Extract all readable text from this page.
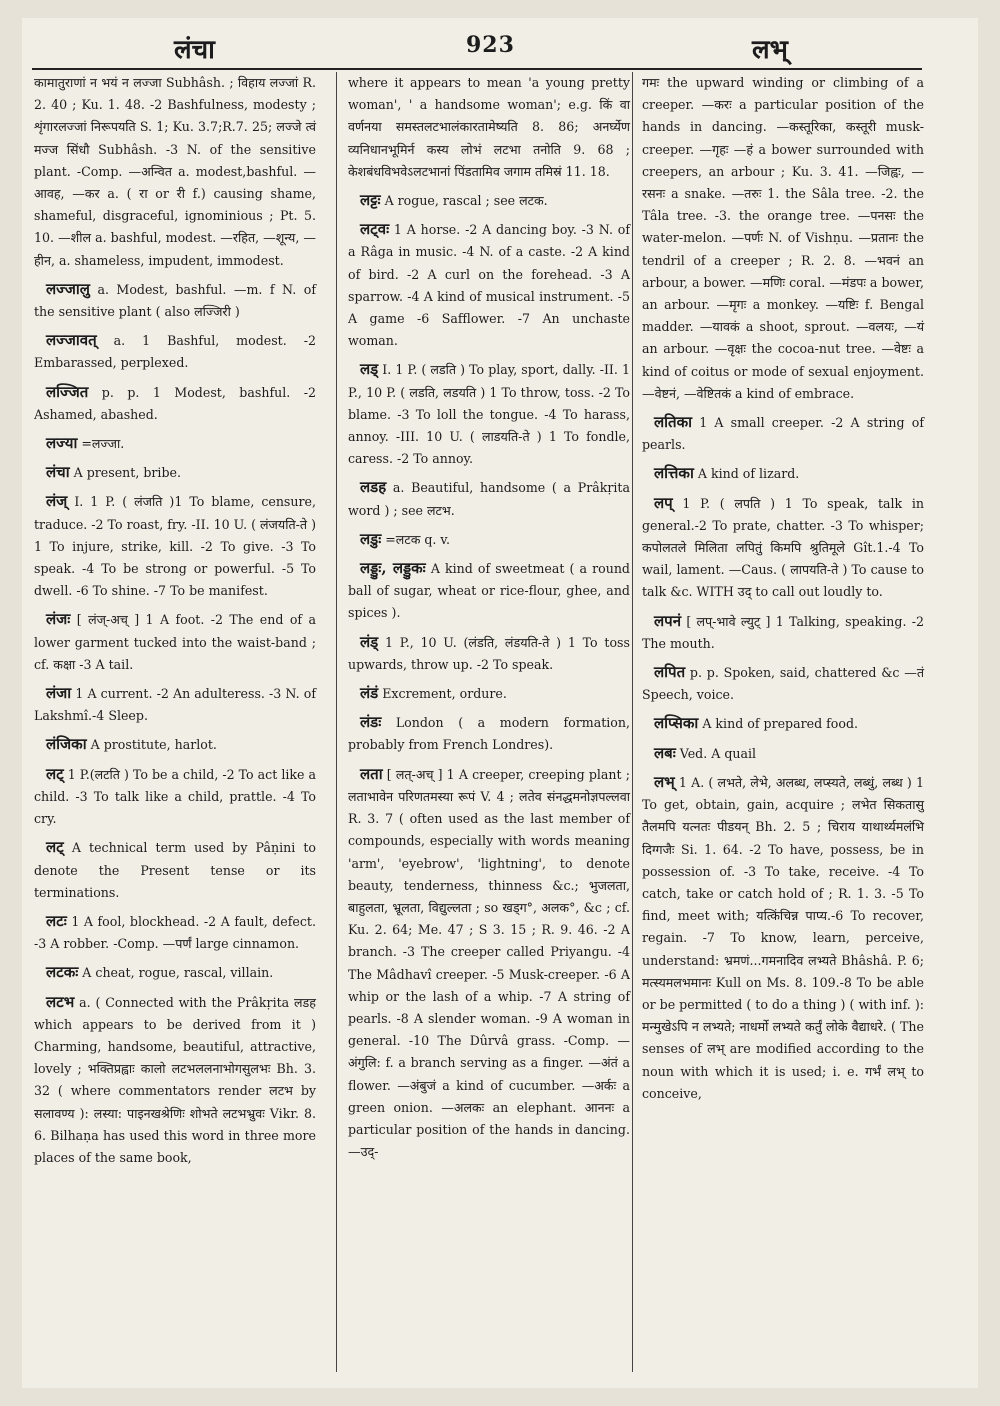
लंचा	923	लभ्

कामातुराणां न भयं न लज्जा Subhâsh. ; विहाय लज्जां R. 2. 40 ; Ku. 1. 48. -2 Bashfulness, modesty ; शृंगारलज्जां निरूपयति S. 1; Ku. 3.7;R.7. 25; लज्जे त्वं मज्ज सिंधौ Subhâsh. -3 N. of the sensitive plant. -Comp. —अन्वित a. modest,bashful. —आवह, —कर a. ( रा or री f.) causing shame, shameful, disgraceful, ignominious ; Pt. 5. 10. —शील a. bashful, modest. —रहित, —शून्य, —हीन, a. shameless, impudent, immodest.

लज्जालु a. Modest, bashful. —m. f N. of the sensitive plant ( also लज्जिरी )

लज्जावत् a. 1 Bashful, modest. -2 Embarassed, perplexed.

लज्जित p. p. 1 Modest, bashful. -2 Ashamed, abashed.

लज्या =लज्जा.

लंचा A present, bribe.

लंज् I. 1 P. ( लंजति )1 To blame, censure, traduce. -2 To roast, fry. -II. 10 U. ( लंजयति-ते ) 1 To injure, strike, kill. -2 To give. -3 To speak. -4 To be strong or powerful. -5 To dwell. -6 To shine. -7 To be manifest.

लंजः [ लंज्-अच् ] 1 A foot. -2 The end of a lower garment tucked into the waist-band ; cf. कक्षा -3 A tail.

लंजा 1 A current. -2 An adulteress. -3 N. of Lakshmî.-4 Sleep.

लंजिका A prostitute, harlot.

लट् 1 P.(लटति ) To be a child, -2 To act like a child. -3 To talk like a child, prattle. -4 To cry.

लट् A technical term used by Pâṇini to denote the Present tense or its terminations.

लटः 1 A fool, blockhead. -2 A fault, defect. -3 A robber. -Comp. —पर्णं large cinnamon.

लटकः A cheat, rogue, rascal, villain.

लटभ a. ( Connected with the Prâkṛita लडह which appears to be derived from it ) Charming, handsome, beautiful, attractive, lovely ; भक्तिप्रह्वाः कालो लटभललनाभोगसुलभः Bh. 3. 32 ( where commentators render लटभ by सलावण्य ): लस्या: पाइनखश्रेणिः शोभते लटभभ्रुवः Vikr. 8. 6. Bilhaṇa has used this word in three more places of the same book,

where it appears to mean 'a young pretty woman', ' a handsome woman'; e.g. किं वा वर्णनया समस्तलटभालंकारतामेष्यति 8. 86; अनर्घ्येण व्यनिधानभूमिर्न कस्य लोभं लटभा तनोति 9. 68 ; केशबंधविभवेऽलटभानां पिंडतामिव जगाम तमिस्रं 11. 18.

लट्टः A rogue, rascal ; see लटक.

लट्वः 1 A horse. -2 A dancing boy. -3 N. of a Râga in music. -4 N. of a caste. -2 A kind of bird. -2 A curl on the forehead. -3 A sparrow. -4 A kind of musical instrument. -5 A game -6 Safflower. -7 An unchaste woman.

लड् I. 1 P. ( लडति ) To play, sport, dally. -II. 1 P., 10 P. ( लडति, लडयति ) 1 To throw, toss. -2 To blame. -3 To loll the tongue. -4 To harass, annoy. -III. 10 U. ( लाडयति-ते ) 1 To fondle, caress. -2 To annoy.

लडह a. Beautiful, handsome ( a Prâkṛita word ) ; see लटभ.

लडुः =लटक q. v.

लड्डुः, लड्डुकः A kind of sweetmeat ( a round ball of sugar, wheat or rice-flour, ghee, and spices ).

लंड् 1 P., 10 U. (लंडति, लंडयति-ते ) 1 To toss upwards, throw up. -2 To speak.

लंडं Excrement, ordure.

लंडः London ( a modern formation, probably from French Londres).

लता [ लत्-अच् ] 1 A creeper, creeping plant ; लताभावेन परिणतमस्या रूपं V. 4 ; लतेव संनद्धमनोज्ञपल्लवा R. 3. 7 ( often used as the last member of compounds, especially with words meaning 'arm', 'eyebrow', 'lightning', to denote beauty, tenderness, thinness &c.; भुजलता, बाहुलता, भ्रूलता, विद्युल्लता ; so खड्ग°, अलक°, &c ; cf. Ku. 2. 64; Me. 47 ; S 3. 15 ; R. 9. 46. -2 A branch. -3 The creeper called Priyangu. -4 The Mâdhavî creeper. -5 Musk-creeper. -6 A whip or the lash of a whip. -7 A string of pearls. -8 A slender woman. -9 A woman in general. -10 The Dûrvâ grass. -Comp. —अंगुलि: f. a branch serving as a finger. —अंतं a flower. —अंबुजं a kind of cucumber. —अर्कः a green onion. —अलकः an elephant. आननः a particular position of the hands in dancing. —उद्-

गमः the upward winding or climbing of a creeper. —करः a particular position of the hands in dancing. —कस्तूरिका, कस्तूरी musk-creeper. —गृहः —हं a bower surrounded with creepers, an arbour ; Ku. 3. 41. —जिह्वः, —रसनः a snake. —तरुः 1. the Sâla tree. -2. the Tâla tree. -3. the orange tree. —पनसः the water-melon. —पर्णः N. of Vishṇu. —प्रतानः the tendril of a creeper ; R. 2. 8. —भवनं an arbour, a bower. —मणिः coral. —मंडपः a bower, an arbour. —मृगः a monkey. —यष्टिः f. Bengal madder. —यावकं a shoot, sprout. —वलयः, —यं an arbour. —वृक्षः the cocoa-nut tree. —वेष्टः a kind of coitus or mode of sexual enjoyment. —वेष्टनं, —वेष्टितकं a kind of embrace.

लतिका 1 A small creeper. -2 A string of pearls.

लत्तिका A kind of lizard.

लप् 1 P. ( लपति ) 1 To speak, talk in general.-2 To prate, chatter. -3 To whisper; कपोलतले मिलिता लपितुं किमपि श्रुतिमूले Gît.1.-4 To wail, lament. —Caus. ( लापयति-ते ) To cause to talk &c. WITH उद् to call out loudly to.

लपनं [ लप्-भावे ल्युट् ] 1 Talking, speaking. -2 The mouth.

लपित p. p. Spoken, said, chattered &c —तं Speech, voice.

लप्सिका A kind of prepared food.

लबः Ved. A quail

लभ् 1 A. ( लभते, लेभे, अलब्ध, लप्स्यते, लब्धुं, लब्ध ) 1 To get, obtain, gain, acquire ; लभेत सिकतासु तैलमपि यत्नतः पीडयन् Bh. 2. 5 ; चिराय याथार्थ्यमलंभि दिग्गजैः Si. 1. 64. -2 To have, possess, be in possession of. -3 To take, receive. -4 To catch, take or catch hold of ; R. 1. 3. -5 To find, meet with; यत्किंचिन्न पाप्य.-6 To recover, regain. -7 To know, learn, perceive, understand: भ्रमणं...गमनादिव लभ्यते Bhâshâ. P. 6; मत्स्यमलभमानः Kull on Ms. 8. 109.-8 To be able or be permitted ( to do a thing ) ( with inf. ): मन्मुखेऽपि न लभ्यते; नाधर्मो लभ्यते कर्तुं लोके वैद्याधरे. ( The senses of लभ् are modified according to the noun with which it is used; i. e. गर्भं लभ् to conceive,
